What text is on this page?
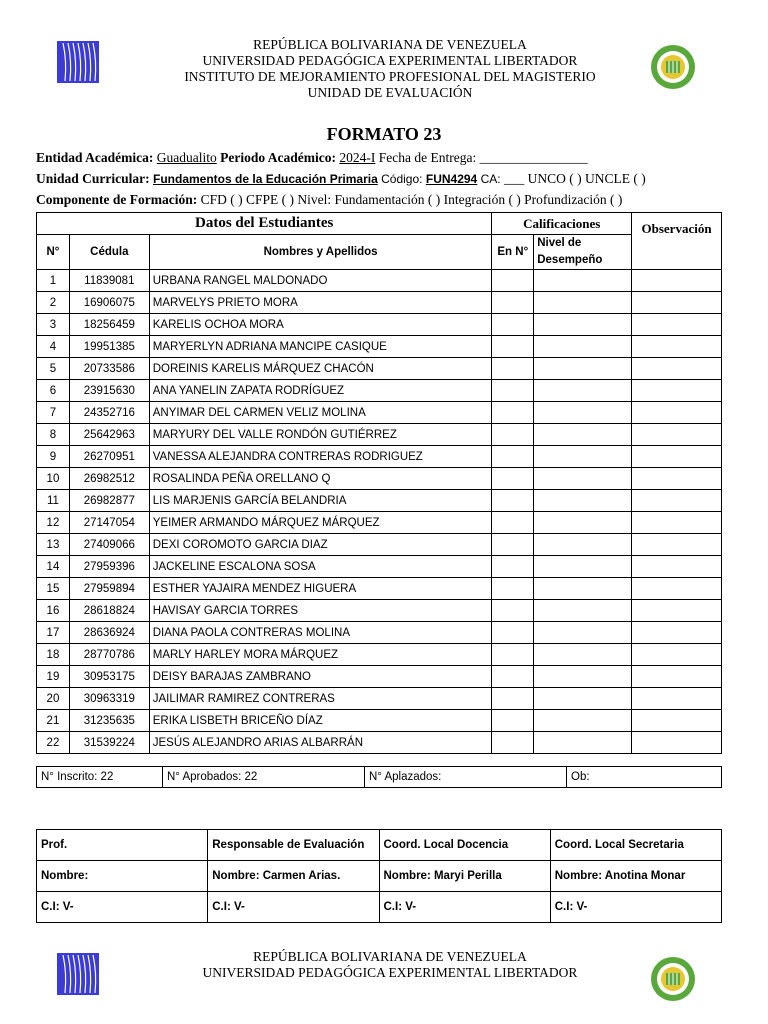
REPÚBLICA BOLIVARIANA DE VENEZUELA
UNIVERSIDAD PEDAGÓGICA EXPERIMENTAL LIBERTADOR
INSTITUTO DE MEJORAMIENTO PROFESIONAL DEL MAGISTERIO
UNIDAD DE EVALUACIÓN
FORMATO 23
Entidad Académica: Guadualito Periodo Académico: 2024-I Fecha de Entrega: ________________
Unidad Curricular: Fundamentos de la Educación Primaria Código: FUN4294 CA: ___ UNCO ( ) UNCLE ( )
Componente de Formación: CFD ( ) CFPE ( ) Nivel: Fundamentación ( ) Integración ( ) Profundización ( )
Datos del Estudiantes			Calificaciones		Observación
N°	Cédula	Nombres y Apellidos	En N°	Nivel de Desempeño	
1	11839081	URBANA RANGEL MALDONADO			
2	16906075	MARVELYS PRIETO MORA			
3	18256459	KARELIS OCHOA MORA			
4	19951385	MARYERLYN ADRIANA MANCIPE CASIQUE			
5	20733586	DOREINIS KARELIS MÁRQUEZ CHACÓN			
6	23915630	ANA YANELIN ZAPATA RODRÍGUEZ			
7	24352716	ANYIMAR DEL CARMEN VELIZ MOLINA			
8	25642963	MARYURY DEL VALLE RONDÓN GUTIÉRREZ			
9	26270951	VANESSA ALEJANDRA CONTRERAS RODRIGUEZ			
10	26982512	ROSALINDA PEÑA ORELLANO Q			
11	26982877	LIS MARJENIS GARCÍA BELANDRIA			
12	27147054	YEIMER ARMANDO MÁRQUEZ MÁRQUEZ			
13	27409066	DEXI COROMOTO GARCIA DIAZ			
14	27959396	JACKELINE ESCALONA SOSA			
15	27959894	ESTHER YAJAIRA MENDEZ HIGUERA			
16	28618824	HAVISAY GARCIA TORRES			
17	28636924	DIANA PAOLA CONTRERAS MOLINA			
18	28770786	MARLY HARLEY MORA MÁRQUEZ			
19	30953175	DEISY BARAJAS ZAMBRANO			
20	30963319	JAILIMAR RAMIREZ CONTRERAS			
21	31235635	ERIKA LISBETH BRICEÑO DÍAZ			
22	31539224	JESÚS ALEJANDRO ARIAS ALBARRÁN			
N° Inscrito: 22	N° Aprobados: 22	N° Aplazados:	Ob:
Prof.	Responsable de Evaluación	Coord. Local Docencia	Coord. Local Secretaria
Nombre:	Nombre: Carmen Arias.	Nombre: Maryi Perilla	Nombre: Anotina Monar
C.I: V-	C.I: V-	C.I: V-	C.I: V-
REPÚBLICA BOLIVARIANA DE VENEZUELA
UNIVERSIDAD PEDAGÓGICA EXPERIMENTAL LIBERTADOR
